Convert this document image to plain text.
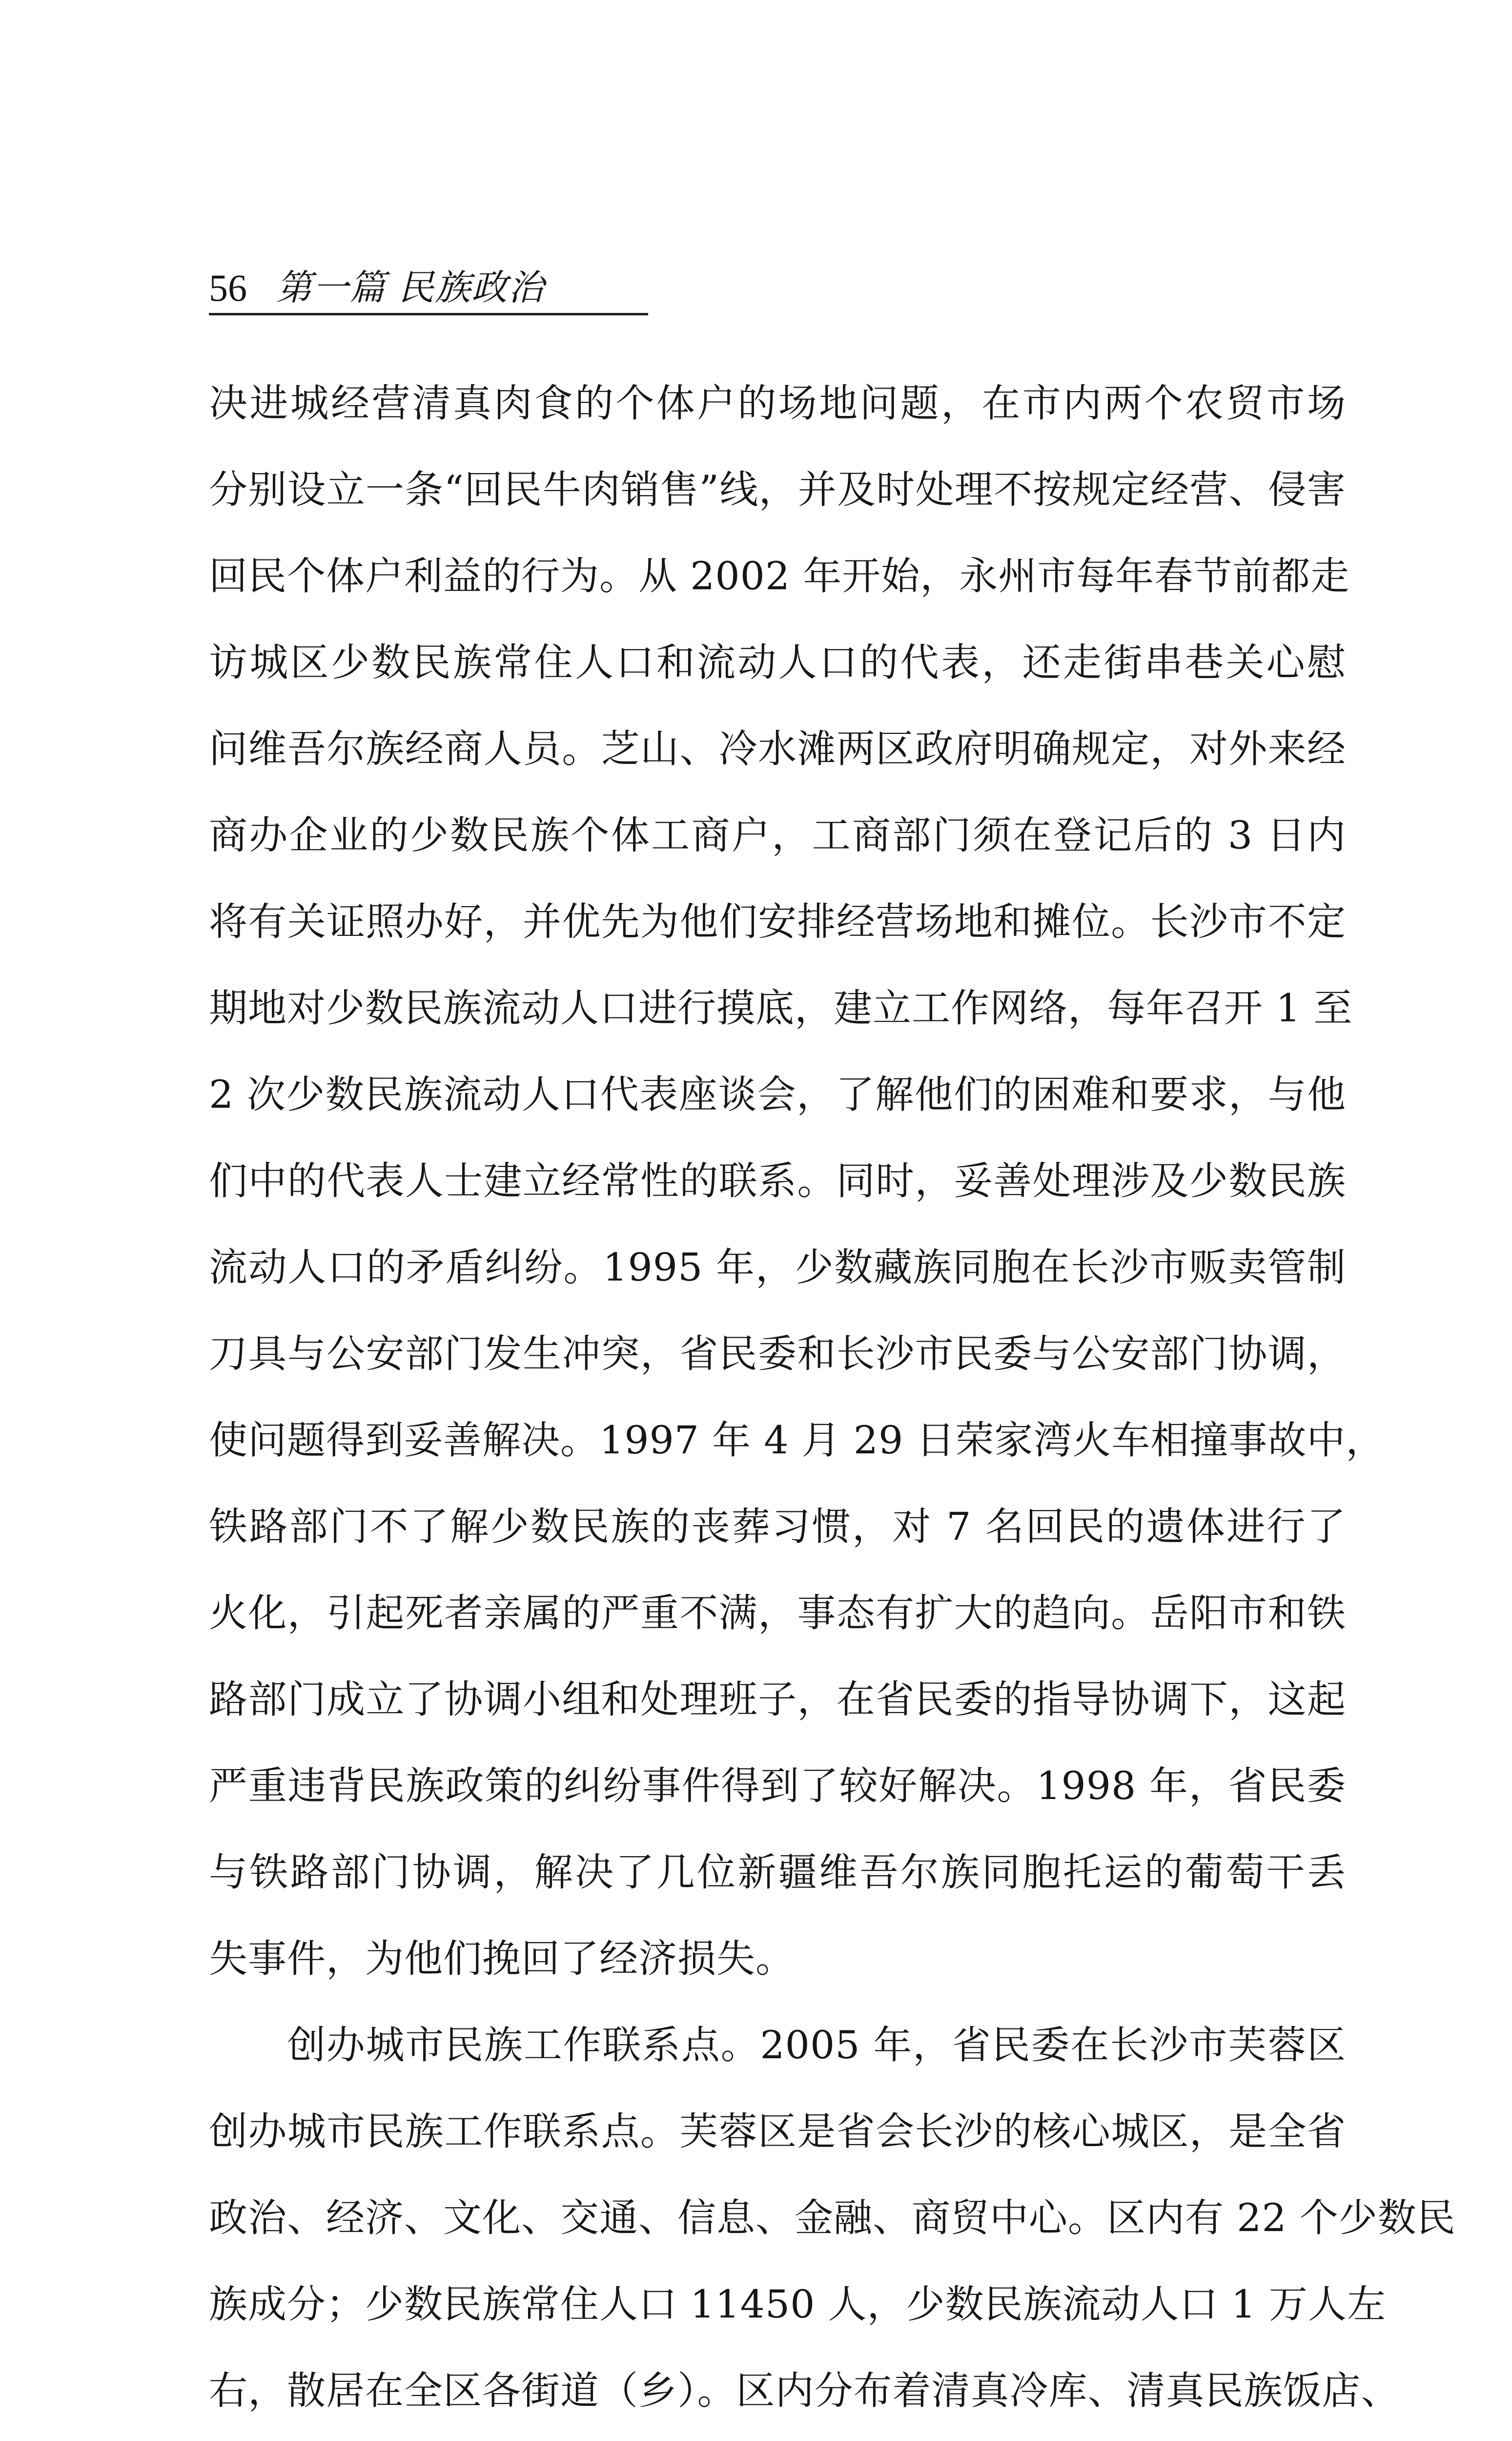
56 第一篇 民族政治
决进城经营清真肉食的个体户的场地问题，在市内两个农贸市场
分别设立一条“回民牛肉销售”线，并及时处理不按规定经营、侵害
回民个体户利益的行为。从 2002 年开始，永州市每年春节前都走
访城区少数民族常住人口和流动人口的代表，还走街串巷关心慰
问维吾尔族经商人员。芝山、冷水滩两区政府明确规定，对外来经
商办企业的少数民族个体工商户，工商部门须在登记后的 3 日内
将有关证照办好，并优先为他们安排经营场地和摊位。长沙市不定
期地对少数民族流动人口进行摸底，建立工作网络，每年召开 1 至
2 次少数民族流动人口代表座谈会，了解他们的困难和要求，与他
们中的代表人士建立经常性的联系。同时，妥善处理涉及少数民族
流动人口的矛盾纠纷。1995 年，少数藏族同胞在长沙市贩卖管制
刀具与公安部门发生冲突，省民委和长沙市民委与公安部门协调，
使问题得到妥善解决。1997 年 4 月 29 日荣家湾火车相撞事故中，
铁路部门不了解少数民族的丧葬习惯，对 7 名回民的遗体进行了
火化，引起死者亲属的严重不满，事态有扩大的趋向。岳阳市和铁
路部门成立了协调小组和处理班子，在省民委的指导协调下，这起
严重违背民族政策的纠纷事件得到了较好解决。1998 年，省民委
与铁路部门协调，解决了几位新疆维吾尔族同胞托运的葡萄干丢
失事件，为他们挽回了经济损失。
创办城市民族工作联系点。2005 年，省民委在长沙市芙蓉区
创办城市民族工作联系点。芙蓉区是省会长沙的核心城区，是全省
政治、经济、文化、交通、信息、金融、商贸中心。区内有 22 个少数民
族成分；少数民族常住人口 11450 人，少数民族流动人口 1 万人左
右，散居在全区各街道（乡）。区内分布着清真冷库、清真民族饭店、
